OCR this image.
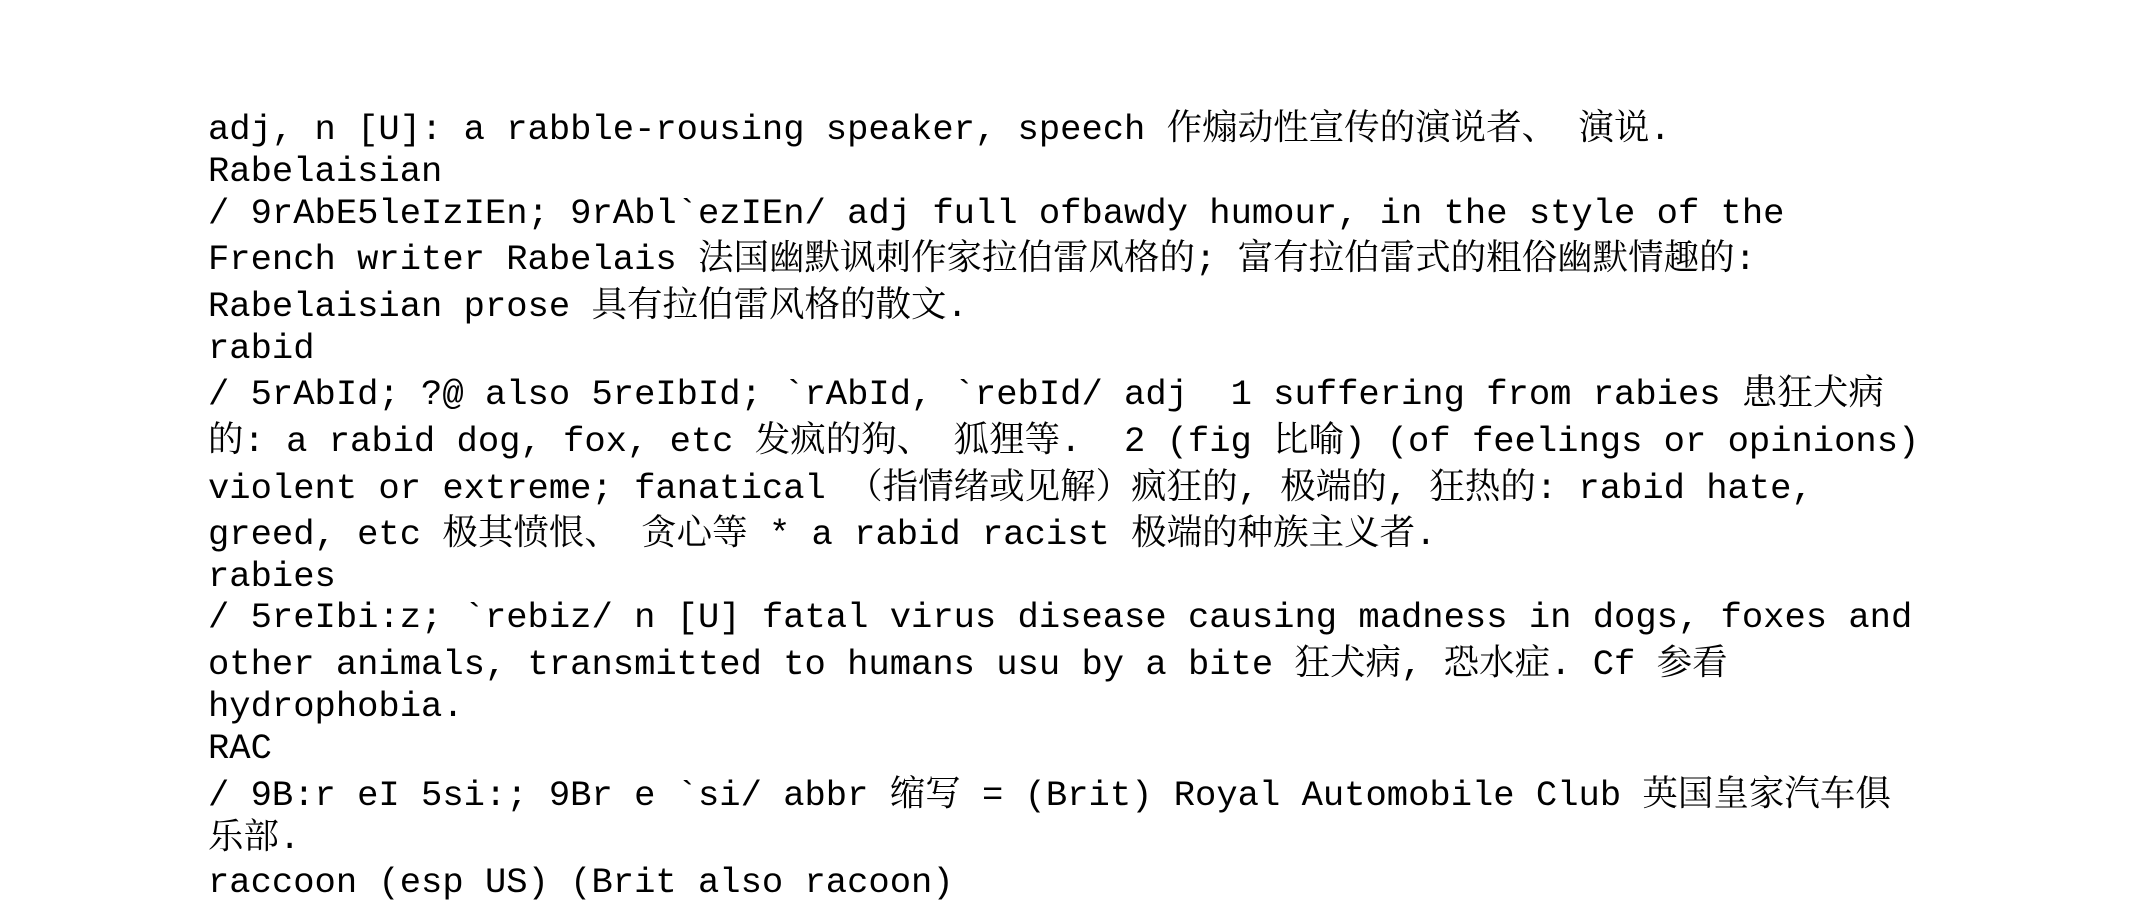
adj, n [U]: a rabble-rousing speaker, speech 作煽动性宣传的演说者、 演说.
Rabelaisian
/ 9rAbE5leIzIEn; 9rAbl`ezIEn/ adj full ofbawdy humour, in the style of the
French writer Rabelais 法国幽默讽刺作家拉伯雷风格的; 富有拉伯雷式的粗俗幽默情趣的:
Rabelaisian prose 具有拉伯雷风格的散文.
rabid
/ 5rAbId; ?@ also 5reIbId; `rAbId, `rebId/ adj  1 suffering from rabies 患狂犬病
的: a rabid dog, fox, etc 发疯的狗、 狐狸等.  2 (fig 比喻) (of feelings or opinions)
violent or extreme; fanatical （指情绪或见解）疯狂的, 极端的, 狂热的: rabid hate,
greed, etc 极其愤恨、 贪心等 * a rabid racist 极端的种族主义者.
rabies
/ 5reIbi:z; `rebiz/ n [U] fatal virus disease causing madness in dogs, foxes and
other animals, transmitted to humans usu by a bite 狂犬病, 恐水症. Cf 参看
hydrophobia.
RAC
/ 9B:r eI 5si:; 9Br e `si/ abbr 缩写 = (Brit) Royal Automobile Club 英国皇家汽车俱
乐部.
raccoon (esp US) (Brit also racoon)
